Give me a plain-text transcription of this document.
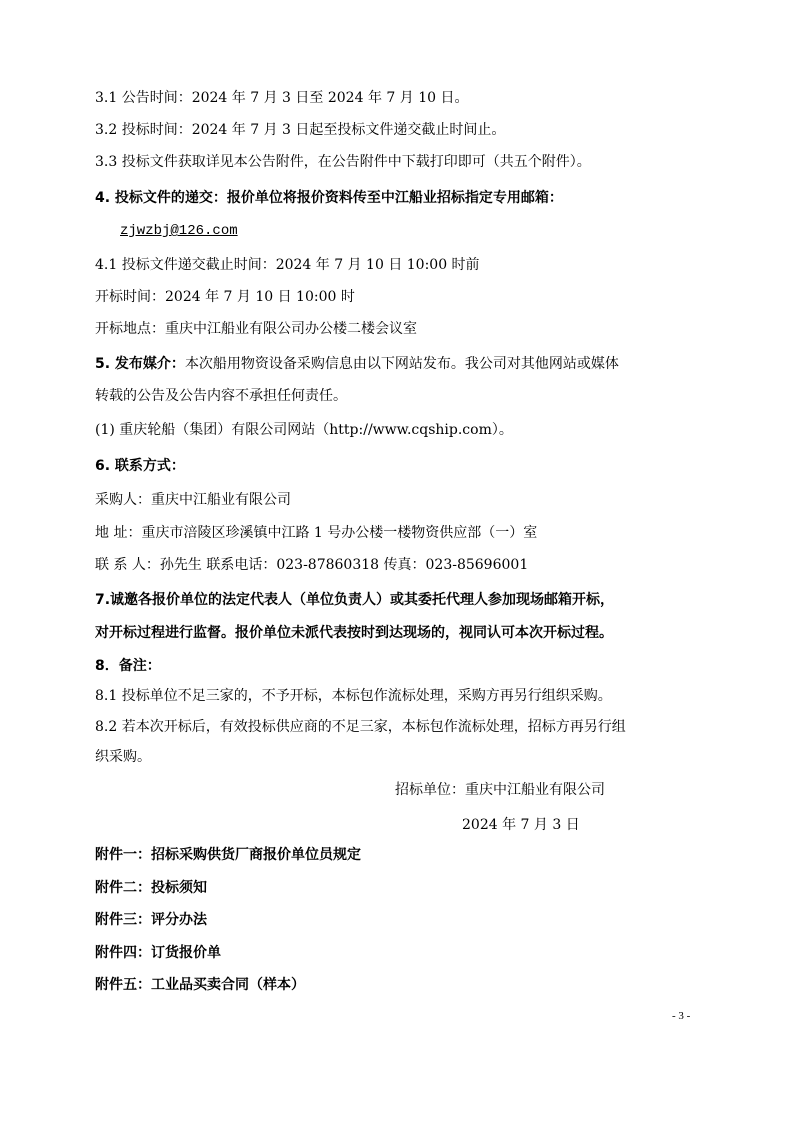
3.1 公告时间：2024 年 7 月 3 日至 2024 年 7 月 10 日。
3.2 投标时间：2024 年 7 月 3 日起至投标文件递交截止时间止。
3.3 投标文件获取详见本公告附件，在公告附件中下载打印即可（共五个附件）。
4. 投标文件的递交：报价单位将报价资料传至中江船业招标指定专用邮箱：
zjwzbj@126.com
4.1 投标文件递交截止时间：2024 年 7 月 10 日 10:00 时前
开标时间：2024 年 7 月 10 日 10:00 时
开标地点：重庆中江船业有限公司办公楼二楼会议室
5. 发布媒介：本次船用物资设备采购信息由以下网站发布。我公司对其他网站或媒体
转载的公告及公告内容不承担任何责任。
(1) 重庆轮船（集团）有限公司网站（http://www.cqship.com）。
6. 联系方式：
采购人：重庆中江船业有限公司
地 址：重庆市涪陵区珍溪镇中江路 1 号办公楼一楼物资供应部（一）室
联 系 人：孙先生 联系电话：023-87860318 传真：023-85696001
7.诚邀各报价单位的法定代表人（单位负责人）或其委托代理人参加现场邮箱开标，
对开标过程进行监督。报价单位未派代表按时到达现场的，视同认可本次开标过程。
8．备注：
8.1 投标单位不足三家的，不予开标，本标包作流标处理，采购方再另行组织采购。
8.2 若本次开标后，有效投标供应商的不足三家，本标包作流标处理，招标方再另行组
织采购。
招标单位：重庆中江船业有限公司
2024 年 7 月 3 日
附件一：招标采购供货厂商报价单位员规定
附件二：投标须知
附件三：评分办法
附件四：订货报价单
附件五：工业品买卖合同（样本）
- 3 -
